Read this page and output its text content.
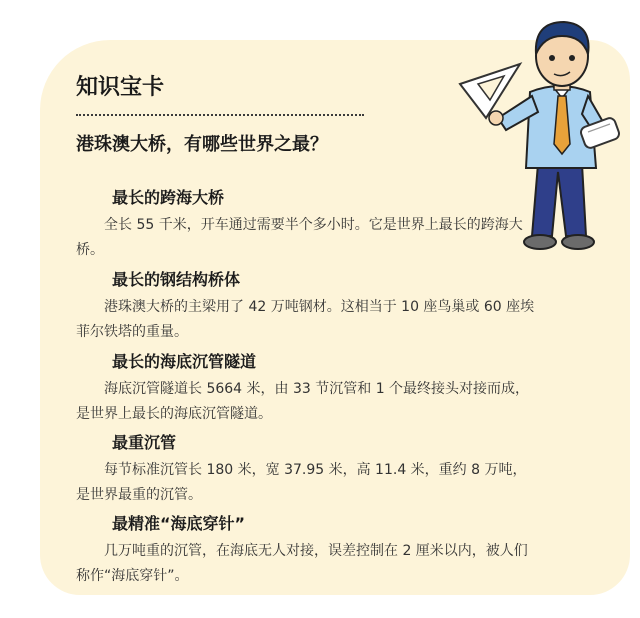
知识宝卡
港珠澳大桥，有哪些世界之最？
最长的跨海大桥

全长 55 千米，开车通过需要半个多小时。它是世界上最长的跨海大桥。

最长的钢结构桥体

港珠澳大桥的主梁用了 42 万吨钢材。这相当于 10 座鸟巢或 60 座埃菲尔铁塔的重量。

最长的海底沉管隧道

海底沉管隧道长 5664 米，由 33 节沉管和 1 个最终接头对接而成，是世界上最长的海底沉管隧道。

最重沉管

每节标准沉管长 180 米，宽 37.95 米，高 11.4 米，重约 8 万吨，是世界最重的沉管。

最精准“海底穿针”

几万吨重的沉管，在海底无人对接，误差控制在 2 厘米以内，被人们称作“海底穿针”。
